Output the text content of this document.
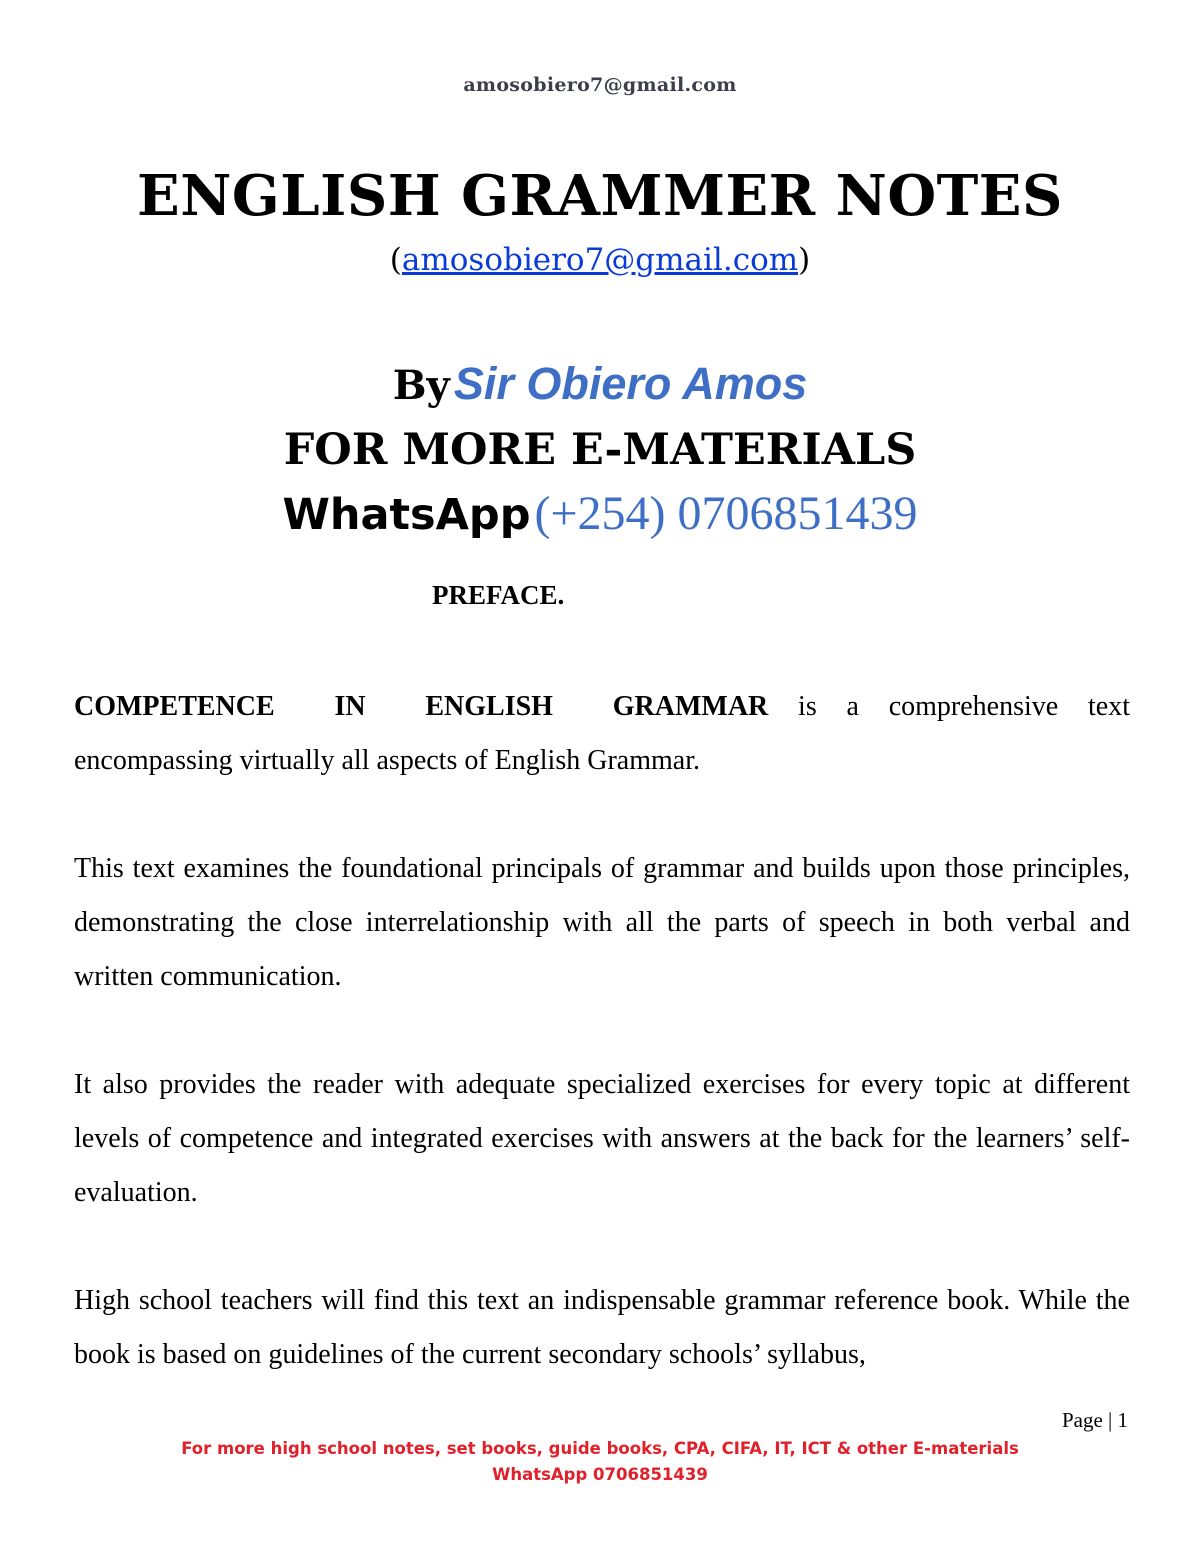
amosobiero7@gmail.com
ENGLISH GRAMMER NOTES
(amosobiero7@gmail.com)
By Sir Obiero Amos
FOR MORE E-MATERIALS
WhatsApp (+254) 0706851439
PREFACE.
COMPETENCE IN ENGLISH GRAMMAR is a comprehensive text encompassing virtually all aspects of English Grammar.
This text examines the foundational principals of grammar and builds upon those principles, demonstrating the close interrelationship with all the parts of speech in both verbal and written communication.
It also provides the reader with adequate specialized exercises for every topic at different levels of competence and integrated exercises with answers at the back for the learners’ self-evaluation.
High school teachers will find this text an indispensable grammar reference book. While the book is based on guidelines of the current secondary schools’ syllabus,
Page | 1
For more high school notes, set books, guide books, CPA, CIFA, IT, ICT & other E-materials
WhatsApp 0706851439
